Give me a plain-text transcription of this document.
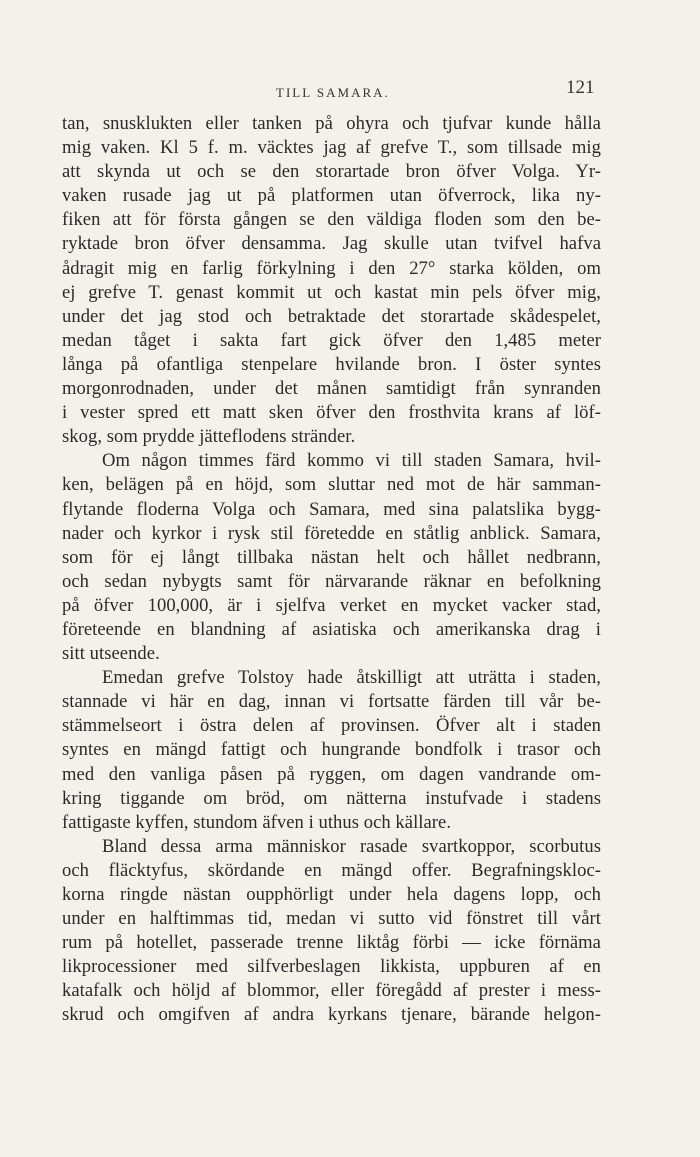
TILL SAMARA.	121
tan, snusklukten eller tanken på ohyra och tjufvar kunde hålla
mig vaken. Kl 5 f. m. väcktes jag af grefve T., som tillsade mig
att skynda ut och se den storartade bron öfver Volga. Yr-
vaken rusade jag ut på platformen utan öfverrock, lika ny-
fiken att för första gången se den väldiga floden som den be-
ryktade bron öfver densamma. Jag skulle utan tvifvel hafva
ådragit mig en farlig förkylning i den 27° starka kölden, om
ej grefve T. genast kommit ut och kastat min pels öfver mig,
under det jag stod och betraktade det storartade skådespelet,
medan tåget i sakta fart gick öfver den 1,485 meter
långa på ofantliga stenpelare hvilande bron. I öster syntes
morgonrodnaden, under det månen samtidigt från synranden
i vester spred ett matt sken öfver den frosthvita krans af löf-
skog, som prydde jätteflodens stränder.
Om någon timmes färd kommo vi till staden Samara, hvil-
ken, belägen på en höjd, som sluttar ned mot de här samman-
flytande floderna Volga och Samara, med sina palatslika bygg-
nader och kyrkor i rysk stil företedde en ståtlig anblick. Samara,
som för ej långt tillbaka nästan helt och hållet nedbrann,
och sedan nybygts samt för närvarande räknar en befolkning
på öfver 100,000, är i sjelfva verket en mycket vacker stad,
företeende en blandning af asiatiska och amerikanska drag i
sitt utseende.
Emedan grefve Tolstoy hade åtskilligt att uträtta i staden,
stannade vi här en dag, innan vi fortsatte färden till vår be-
stämmelseort i östra delen af provinsen. Öfver alt i staden
syntes en mängd fattigt och hungrande bondfolk i trasor och
med den vanliga påsen på ryggen, om dagen vandrande om-
kring tiggande om bröd, om nätterna instufvade i stadens
fattigaste kyffen, stundom äfven i uthus och källare.
Bland dessa arma människor rasade svartkoppor, scorbutus
och fläcktyfus, skördande en mängd offer. Begrafningskloc-
korna ringde nästan oupphörligt under hela dagens lopp, och
under en halftimmas tid, medan vi sutto vid fönstret till vårt
rum på hotellet, passerade trenne liktåg förbi — icke förnäma
likprocessioner med silfverbeslagen likkista, uppburen af en
katafalk och höljd af blommor, eller föregådd af prester i mess-
skrud och omgifven af andra kyrkans tjenare, bärande helgon-
